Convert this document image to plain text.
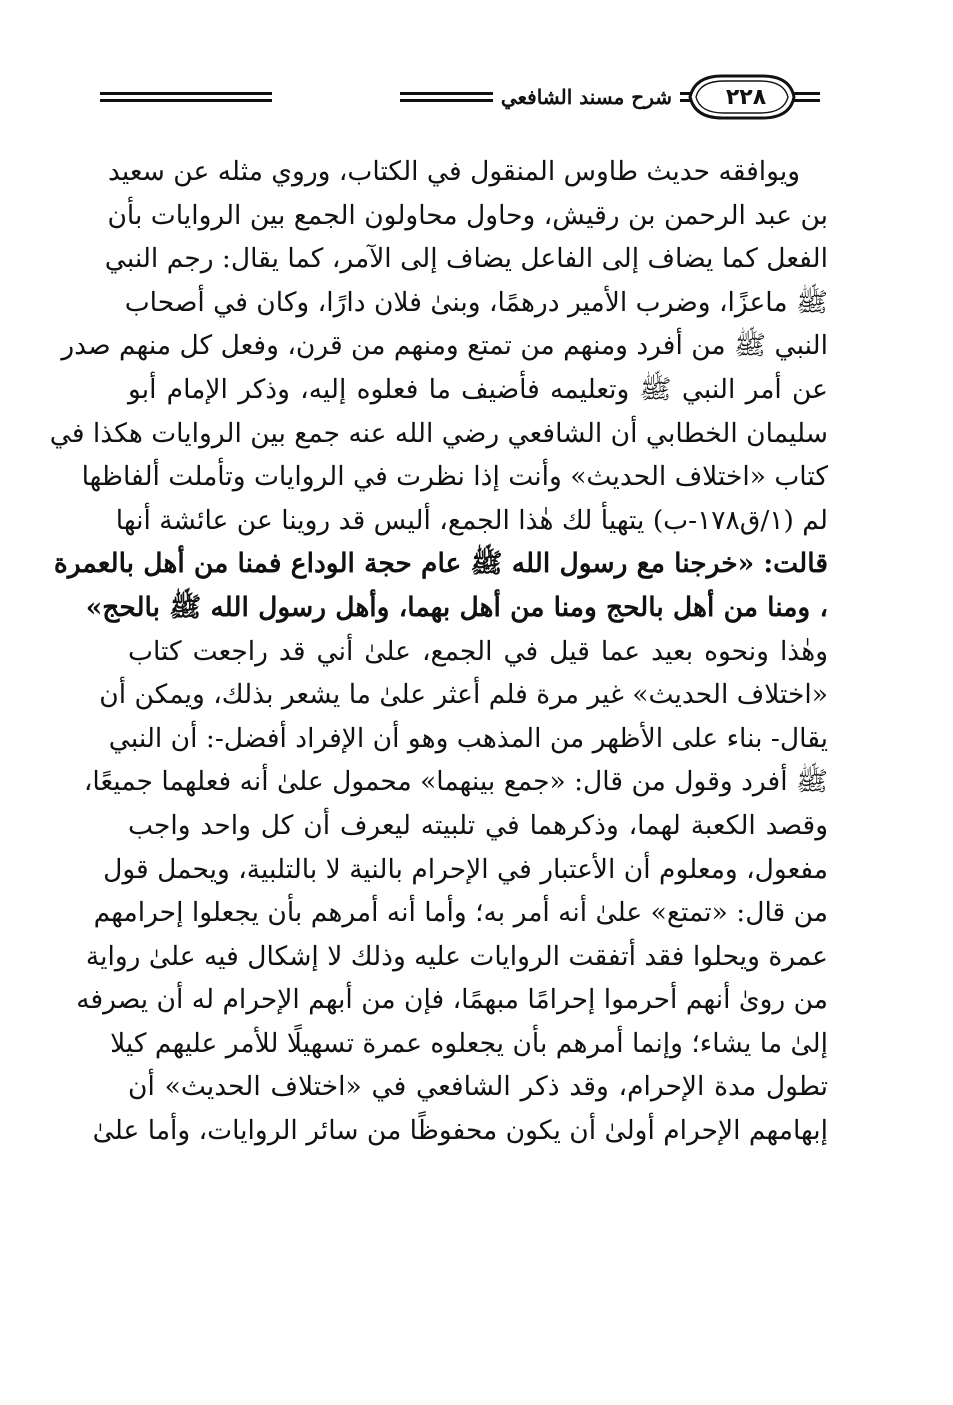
٢٢٨
شرح مسند الشافعي
ويوافقه حديث طاوس المنقول في الكتاب، وروي مثله عن سعيد
بن عبد الرحمن بن رقيش، وحاول محاولون الجمع بين الروايات بأن
الفعل كما يضاف إلى الفاعل يضاف إلى الآمر، كما يقال: رجم النبي
ﷺ ماعزًا، وضرب الأمير درهمًا، وبنىٰ فلان دارًا، وكان في أصحاب
النبي ﷺ من أفرد ومنهم من تمتع ومنهم من قرن، وفعل كل منهم صدر
عن أمر النبي ﷺ وتعليمه فأضيف ما فعلوه إليه، وذكر الإمام أبو
سليمان الخطابي أن الشافعي رضي الله عنه جمع بين الروايات هكذا في
كتاب «اختلاف الحديث» وأنت إذا نظرت في الروايات وتأملت ألفاظها
لم (١/ق١٧٨-ب) يتهيأ لك هٰذا الجمع، أليس قد روينا عن عائشة أنها
قالت: «خرجنا مع رسول الله ﷺ عام حجة الوداع فمنا من أهل بالعمرة
، ومنا من أهل بالحج ومنا من أهل بهما، وأهل رسول الله ﷺ بالحج»
وهٰذا ونحوه بعيد عما قيل في الجمع، علىٰ أني قد راجعت كتاب
«اختلاف الحديث» غير مرة فلم أعثر علىٰ ما يشعر بذلك، ويمكن أن
يقال- بناء على الأظهر من المذهب وهو أن الإفراد أفضل-: أن النبي
ﷺ أفرد وقول من قال: «جمع بينهما» محمول علىٰ أنه فعلهما جميعًا،
وقصد الكعبة لهما، وذكرهما في تلبيته ليعرف أن كل واحد واجب
مفعول، ومعلوم أن الأعتبار في الإحرام بالنية لا بالتلبية، ويحمل قول
من قال: «تمتع» علىٰ أنه أمر به؛ وأما أنه أمرهم بأن يجعلوا إحرامهم
عمرة ويحلوا فقد أتفقت الروايات عليه وذلك لا إشكال فيه علىٰ رواية
من روىٰ أنهم أحرموا إحرامًا مبهمًا، فإن من أبهم الإحرام له أن يصرفه
إلىٰ ما يشاء؛ وإنما أمرهم بأن يجعلوه عمرة تسهيلًا للأمر عليهم كيلا
تطول مدة الإحرام، وقد ذكر الشافعي في «اختلاف الحديث» أن
إبهامهم الإحرام أولىٰ أن يكون محفوظًا من سائر الروايات، وأما علىٰ
